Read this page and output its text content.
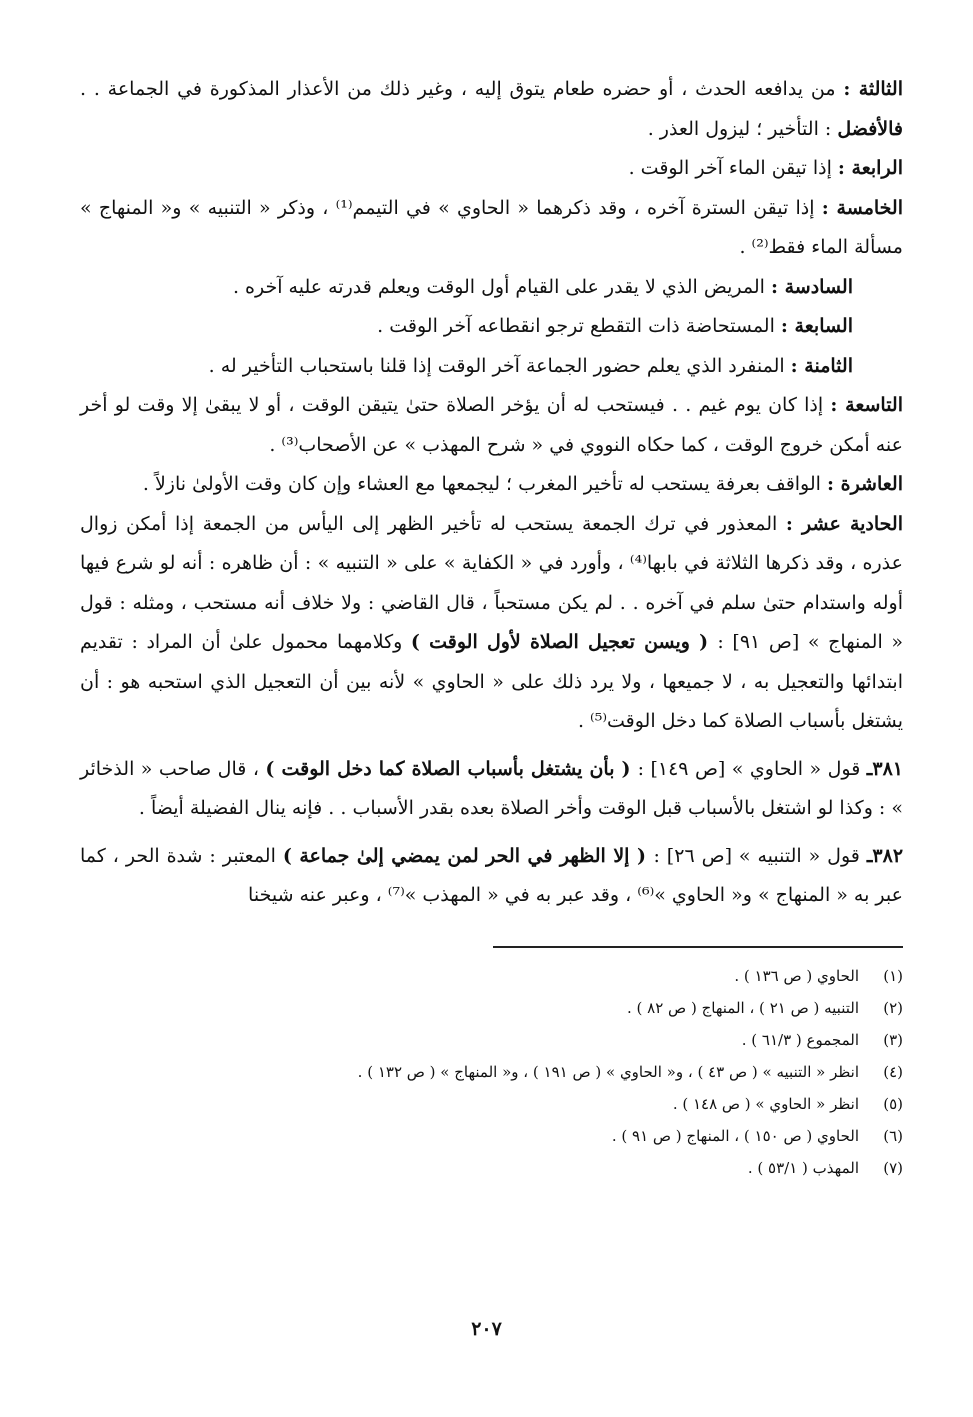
الثالثة : من يدافعه الحدث ، أو حضره طعام يتوق إليه ، وغير ذلك من الأعذار المذكورة في الجماعة . . فالأفضل : التأخير ؛ ليزول العذر .

الرابعة : إذا تيقن الماء آخر الوقت .

الخامسة : إذا تيقن السترة آخره ، وقد ذكرهما « الحاوي » في التيمم⁽¹⁾ ، وذكر « التنبيه » و« المنهاج » مسألة الماء فقط⁽²⁾ .

السادسة : المريض الذي لا يقدر على القيام أول الوقت ويعلم قدرته عليه آخره .

السابعة : المستحاضة ذات التقطع ترجو انقطاعه آخر الوقت .

الثامنة : المنفرد الذي يعلم حضور الجماعة آخر الوقت إذا قلنا باستحباب التأخير له .

التاسعة : إذا كان يوم غيم . . فيستحب له أن يؤخر الصلاة حتىٰ يتيقن الوقت ، أو لا يبقىٰ إلا وقت لو أخر عنه أمكن خروج الوقت ، كما حكاه النووي في « شرح المهذب » عن الأصحاب⁽³⁾ .

العاشرة : الواقف بعرفة يستحب له تأخير المغرب ؛ ليجمعها مع العشاء وإن كان وقت الأولىٰ نازلاً .

الحادية عشر : المعذور في ترك الجمعة يستحب له تأخير الظهر إلى اليأس من الجمعة إذا أمكن زوال عذره ، وقد ذكرها الثلاثة في بابها⁽⁴⁾ ، وأورد في « الكفاية » على « التنبيه » : أن ظاهره : أنه لو شرع فيها أوله واستدام حتىٰ سلم في آخره . . لم يكن مستحباً ، قال القاضي : ولا خلاف أنه مستحب ، ومثله : قول « المنهاج » [ص ٩١] : ( ويسن تعجيل الصلاة لأول الوقت ) وكلامهما محمول علىٰ أن المراد : تقديم ابتدائها والتعجيل به ، لا جميعها ، ولا يرد ذلك على « الحاوي » لأنه بين أن التعجيل الذي استحبه هو : أن يشتغل بأسباب الصلاة كما دخل الوقت⁽⁵⁾ .

٣٨١ـ قول « الحاوي » [ص ١٤٩] : ( بأن يشتغل بأسباب الصلاة كما دخل الوقت ) ، قال صاحب « الذخائر » : وكذا لو اشتغل بالأسباب قبل الوقت وأخر الصلاة بعده بقدر الأسباب . . فإنه ينال الفضيلة أيضاً .

٣٨٢ـ قول « التنبيه » [ص ٢٦] : ( إلا الظهر في الحر لمن يمضي إلىٰ جماعة ) المعتبر : شدة الحر ، كما عبر به « المنهاج » و« الحاوي »⁽⁶⁾ ، وقد عبر به في « المهذب »⁽⁷⁾ ، وعبر عنه شيخنا

(١)
الحاوي ( ص ١٣٦ ) .
(٢)
التنبيه ( ص ٢١ ) ، المنهاج ( ص ٨٢ ) .
(٣)
المجموع ( ٦١/٣ ) .
(٤)
انظر « التنبيه » ( ص ٤٣ ) ، و« الحاوي » ( ص ١٩١ ) ، و« المنهاج » ( ص ١٣٢ ) .
(٥)
انظر « الحاوي » ( ص ١٤٨ ) .
(٦)
الحاوي ( ص ١٥٠ ) ، المنهاج ( ص ٩١ ) .
(٧)
المهذب ( ٥٣/١ ) .
٢٠٧
